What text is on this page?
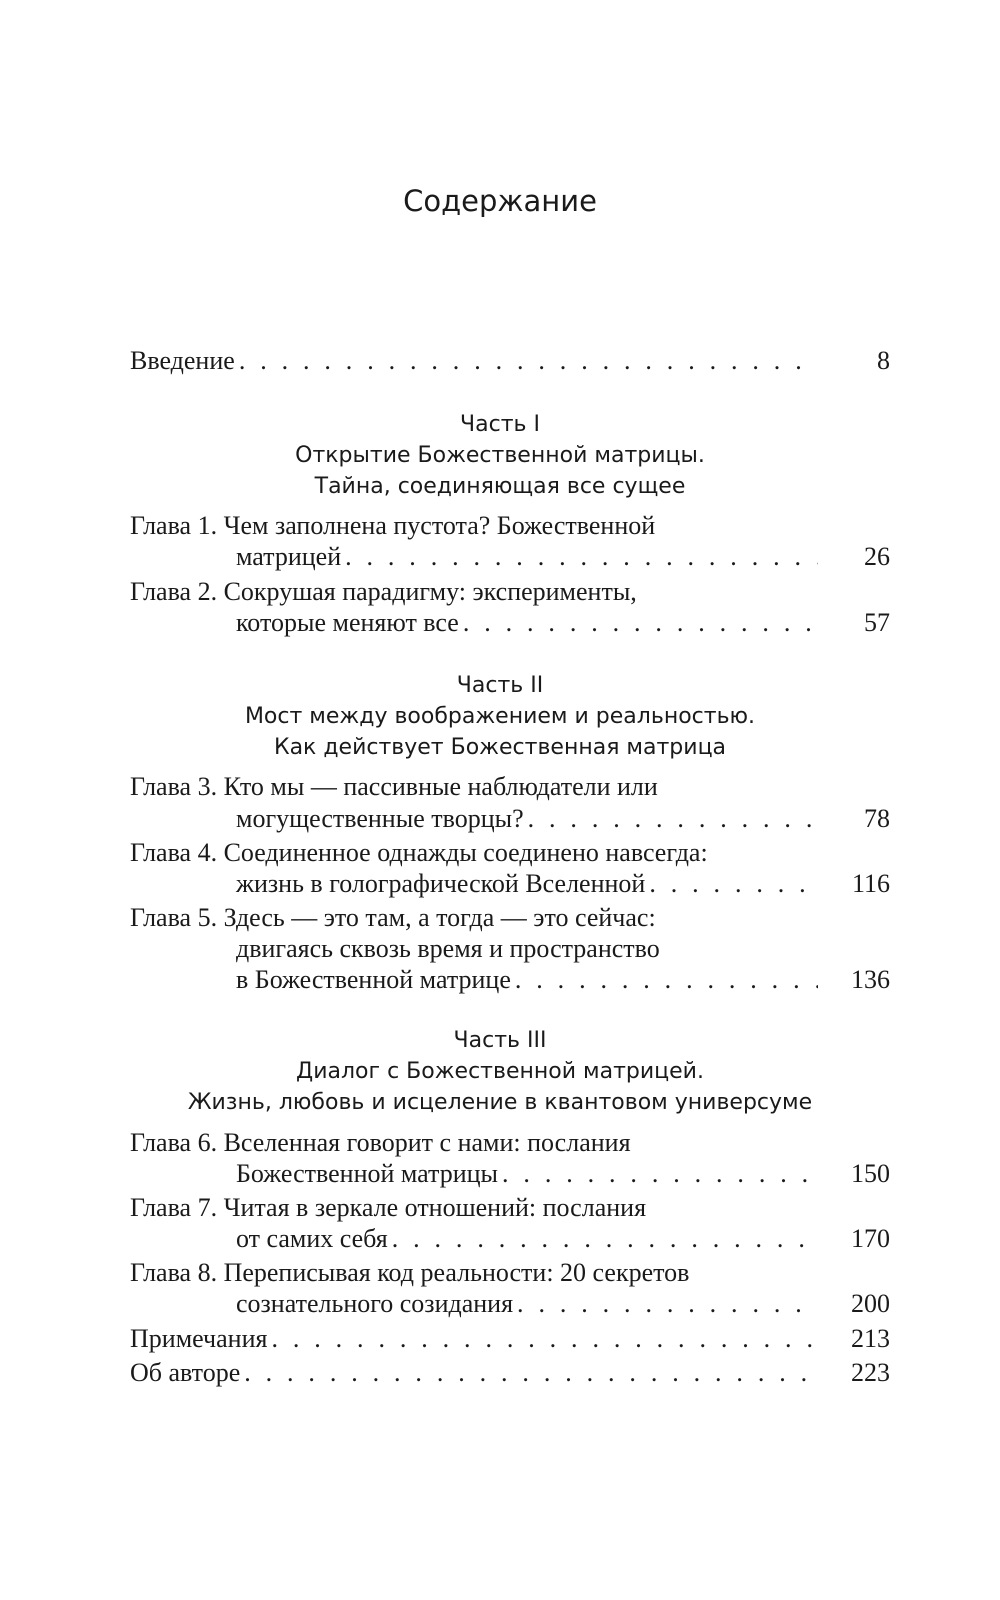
Содержание
Введение . . .	8
Часть I
Открытие Божественной матрицы.
Тайна, соединяющая все сущее
Глава 1. Чем заполнена пустота? Божественной
матрицей . . .	26
Глава 2. Сокрушая парадигму: эксперименты,
которые меняют все . . .	57
Часть II
Мост между воображением и реальностью.
Как действует Божественная матрица
Глава 3. Кто мы — пассивные наблюдатели или
могущественные творцы? . . .	78
Глава 4. Соединенное однажды соединено навсегда:
жизнь в голографической Вселенной . . .	116
Глава 5. Здесь — это там, а тогда — это сейчас:
двигаясь сквозь время и пространство
в Божественной матрице . . .	136
Часть III
Диалог с Божественной матрицей.
Жизнь, любовь и исцеление в квантовом универсуме
Глава 6. Вселенная говорит с нами: послания
Божественной матрицы . . .	150
Глава 7. Читая в зеркале отношений: послания
от самих себя . . .	170
Глава 8. Переписывая код реальности: 20 секретов
сознательного созидания . . .	200
Примечания . . .	213
Об авторе . . .	223
